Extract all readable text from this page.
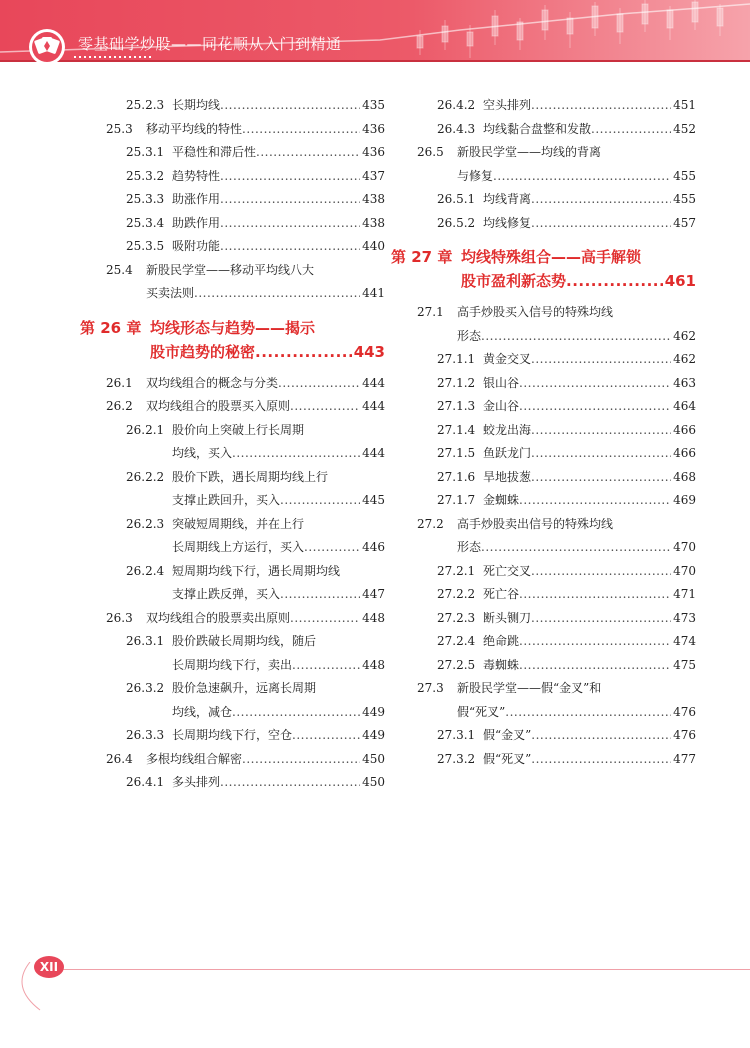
零基础学炒股——同花顺从入门到精通
25.2.3 长期均线 .....	435
25.3 移动平均线的特性 .....	436
25.3.1 平稳性和滞后性 .....	436
25.3.2 趋势特性 .....	437
25.3.3 助涨作用 .....	438
25.3.4 助跌作用 .....	438
25.3.5 吸附功能 .....	440
25.4 新股民学堂——移动平均线八大
买卖法则 .....	441
第 26 章 均线形态与趋势——揭示
股市趋势的秘密 .....	443
26.1 双均线组合的概念与分类 .....	444
26.2 双均线组合的股票买入原则 .....	444
26.2.1 股价向上突破上行长周期
均线，买入 .....	444
26.2.2 股价下跌，遇长周期均线上行
支撑止跌回升，买入 .....	445
26.2.3 突破短周期线，并在上行
长周期线上方运行，买入 .....	446
26.2.4 短周期均线下行，遇长周期均线
支撑止跌反弹，买入 .....	447
26.3 双均线组合的股票卖出原则 .....	448
26.3.1 股价跌破长周期均线，随后
长周期均线下行，卖出 .....	448
26.3.2 股价急速飙升，远离长周期
均线，减仓 .....	449
26.3.3 长周期均线下行，空仓 .....	449
26.4 多根均线组合解密 .....	450
26.4.1 多头排列 .....	450
26.4.2 空头排列 .....	451
26.4.3 均线黏合盘整和发散 .....	452
26.5 新股民学堂——均线的背离
与修复 .....	455
26.5.1 均线背离 .....	455
26.5.2 均线修复 .....	457
第 27 章 均线特殊组合——高手解锁
股市盈利新态势 .....	461
27.1 高手炒股买入信号的特殊均线
形态 .....	462
27.1.1 黄金交叉 .....	462
27.1.2 银山谷 .....	463
27.1.3 金山谷 .....	464
27.1.4 蛟龙出海 .....	466
27.1.5 鱼跃龙门 .....	466
27.1.6 旱地拔葱 .....	468
27.1.7 金蜘蛛 .....	469
27.2 高手炒股卖出信号的特殊均线
形态 .....	470
27.2.1 死亡交叉 .....	470
27.2.2 死亡谷 .....	471
27.2.3 断头铡刀 .....	473
27.2.4 绝命跳 .....	474
27.2.5 毒蜘蛛 .....	475
27.3 新股民学堂——假“金叉”和
假“死叉” .....	476
27.3.1 假“金叉” .....	476
27.3.2 假“死叉” .....	477
XII
